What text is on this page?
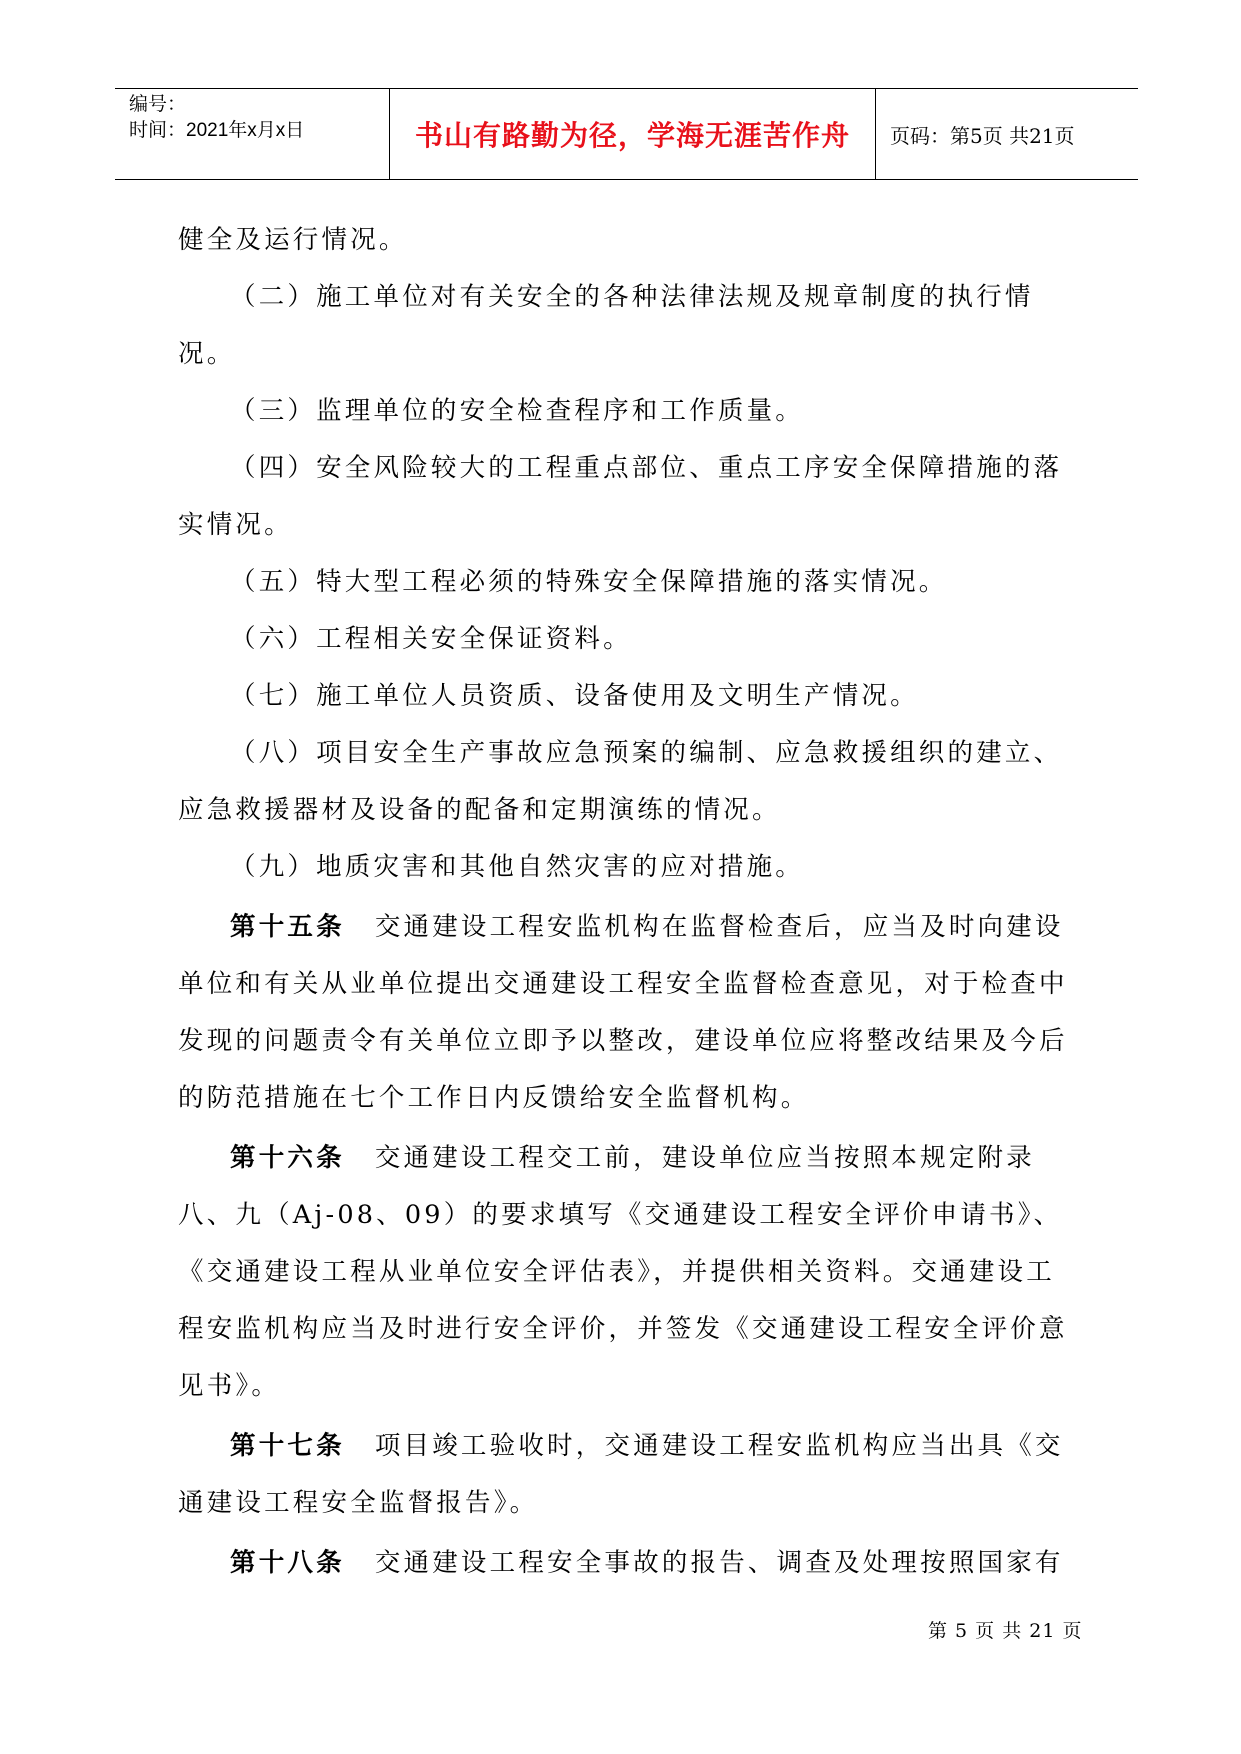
编号：
时间：2021年x月x日	书山有路勤为径，学海无涯苦作舟	页码：第5页 共21页

健全及运行情况。

（二）施工单位对有关安全的各种法律法规及规章制度的执行情况。

（三）监理单位的安全检查程序和工作质量。

（四）安全风险较大的工程重点部位、重点工序安全保障措施的落实情况。

（五）特大型工程必须的特殊安全保障措施的落实情况。

（六）工程相关安全保证资料。

（七）施工单位人员资质、设备使用及文明生产情况。

（八）项目安全生产事故应急预案的编制、应急救援组织的建立、应急救援器材及设备的配备和定期演练的情况。

（九）地质灾害和其他自然灾害的应对措施。

第十五条 交通建设工程安监机构在监督检查后，应当及时向建设单位和有关从业单位提出交通建设工程安全监督检查意见，对于检查中发现的问题责令有关单位立即予以整改，建设单位应将整改结果及今后的防范措施在七个工作日内反馈给安全监督机构。

第十六条 交通建设工程交工前，建设单位应当按照本规定附录八、九（Aj-08、09）的要求填写《交通建设工程安全评价申请书》、《交通建设工程从业单位安全评估表》，并提供相关资料。交通建设工程安监机构应当及时进行安全评价，并签发《交通建设工程安全评价意见书》。

第十七条 项目竣工验收时，交通建设工程安监机构应当出具《交通建设工程安全监督报告》。

第十八条 交通建设工程安全事故的报告、调查及处理按照国家有

第 5 页 共 21 页
